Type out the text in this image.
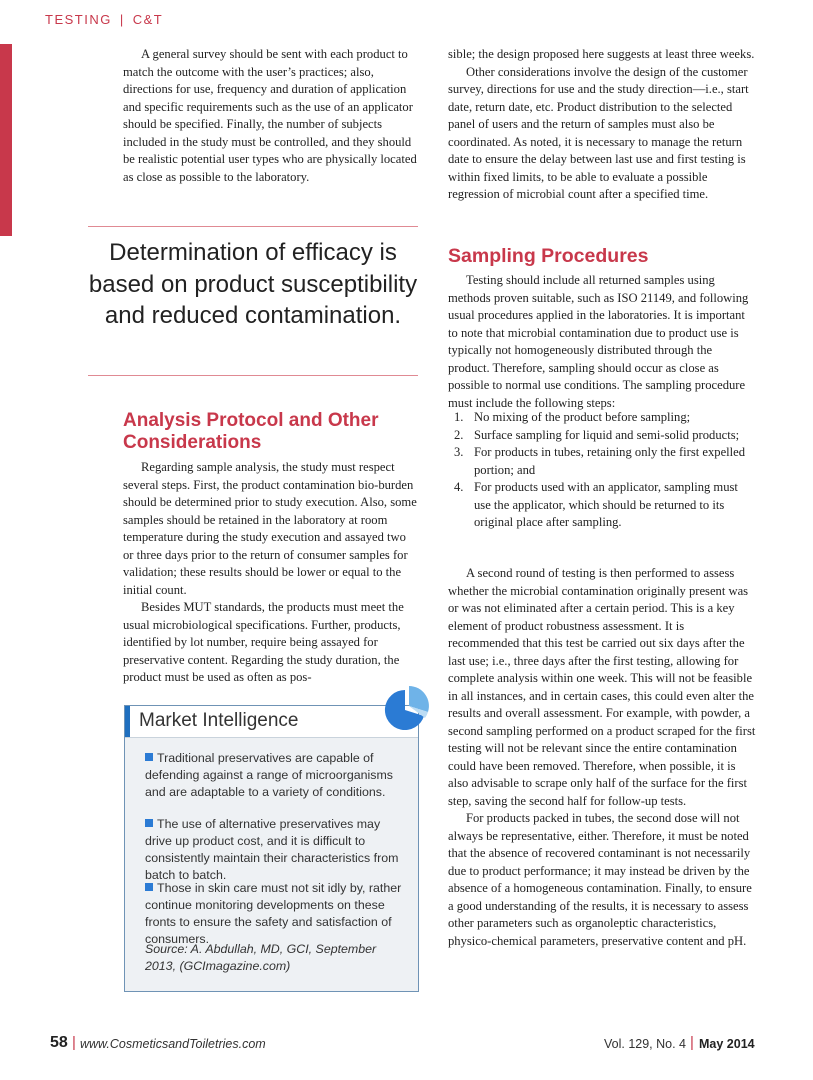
TESTING | C&T
A general survey should be sent with each product to match the outcome with the user’s practices; also, directions for use, frequency and duration of application and specific requirements such as the use of an applicator should be specified. Finally, the number of subjects included in the study must be controlled, and they should be realistic potential user types who are physically located as close as possible to the laboratory.
Determination of efficacy is based on product susceptibility and reduced contamination.
Analysis Protocol and Other Considerations

Regarding sample analysis, the study must respect several steps. First, the product contamination bio-burden should be determined prior to study execution. Also, some samples should be retained in the laboratory at room temperature during the study execution and assayed two or three days prior to the return of consumer samples for validation; these results should be lower or equal to the initial count.

Besides MUT standards, the products must meet the usual microbiological specifications. Further, products, identified by lot number, require being assayed for preservative content. Regarding the study duration, the product must be used as often as pos-

Market Intelligence
Traditional preservatives are capable of defending against a range of microorganisms and are adaptable to a variety of conditions.
The use of alternative preservatives may drive up product cost, and it is difficult to consistently maintain their characteristics from batch to batch.
Those in skin care must not sit idly by, rather continue monitoring developments on these fronts to ensure the safety and satisfaction of consumers.
Source: A. Abdullah, MD, GCI, September 2013, (GCImagazine.com)

sible; the design proposed here suggests at least three weeks.

Other considerations involve the design of the customer survey, directions for use and the study direction—i.e., start date, return date, etc. Product distribution to the selected panel of users and the return of samples must also be coordinated. As noted, it is necessary to manage the return date to ensure the delay between last use and first testing is within fixed limits, to be able to evaluate a possible regression of microbial count after a specified time.

Sampling Procedures
Testing should include all returned samples using methods proven suitable, such as ISO 21149, and following usual procedures applied in the laboratories. It is important to note that microbial contamination due to product use is typically not homogeneously distributed through the product. Therefore, sampling should occur as close as possible to normal use conditions. The sampling procedure must include the following steps:
1. No mixing of the product before sampling;
2. Surface sampling for liquid and semi-solid products;
3. For products in tubes, retaining only the first expelled portion; and
4. For products used with an applicator, sampling must use the applicator, which should be returned to its original place after sampling.

A second round of testing is then performed to assess whether the microbial contamination originally present was or was not eliminated after a certain period. This is a key element of product robustness assessment. It is recommended that this test be carried out six days after the last use; i.e., three days after the first testing, allowing for complete analysis within one week. This will not be feasible in all instances, and in certain cases, this could even alter the results and overall assessment. For example, with powder, a second sampling performed on a product scraped for the first testing will not be relevant since the entire contamination could have been removed. Therefore, when possible, it is also advisable to scrape only half of the surface for the first step, saving the second half for follow-up tests.

For products packed in tubes, the second dose will not always be representative, either. Therefore, it must be noted that the absence of recovered contaminant is not necessarily due to product performance; it may instead be driven by the absence of a homogeneous contamination. Finally, to ensure a good understanding of the results, it is necessary to assess other parameters such as organoleptic characteristics, physico-chemical parameters, preservative content and pH.

58 | www.CosmeticsandToiletries.com	Vol. 129, No. 4 | May 2014
